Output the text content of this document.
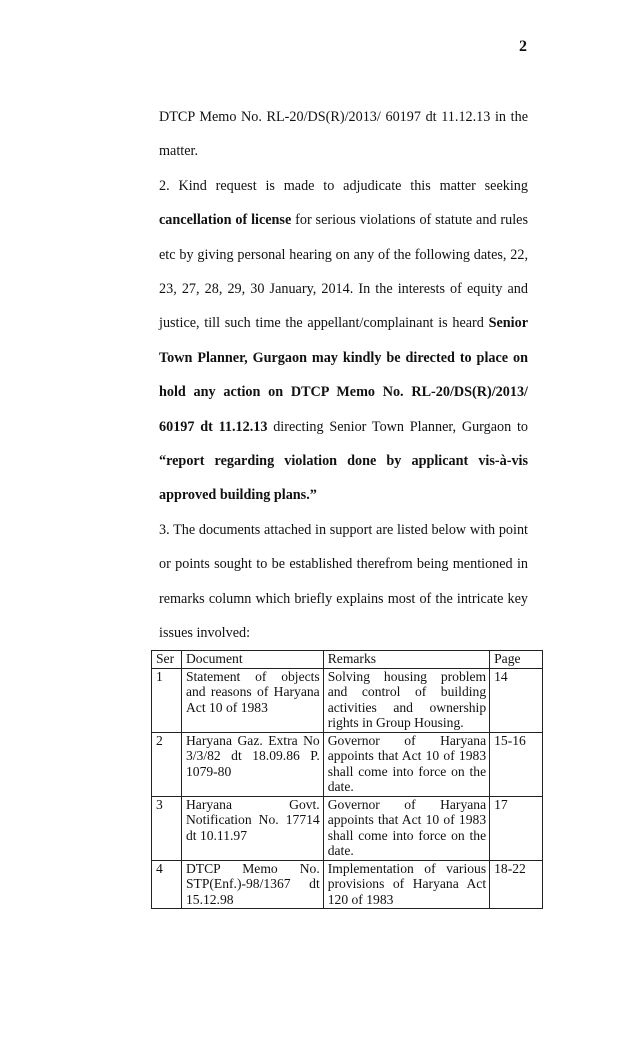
2

DTCP Memo No. RL-20/DS(R)/2013/ 60197 dt 11.12.13 in the matter.

2. Kind request is made to adjudicate this matter seeking cancellation of license for serious violations of statute and rules etc by giving personal hearing on any of the following dates, 22, 23, 27, 28, 29, 30 January, 2014. In the interests of equity and justice, till such time the appellant/complainant is heard Senior Town Planner, Gurgaon may kindly be directed to place on hold any action on DTCP Memo No. RL-20/DS(R)/2013/ 60197 dt 11.12.13 directing Senior Town Planner, Gurgaon to “report regarding violation done by applicant vis-à-vis approved building plans.”

3. The documents attached in support are listed below with point or points sought to be established therefrom being mentioned in remarks column which briefly explains most of the intricate key issues involved:

Ser	Document	Remarks	Page
1	Statement of objects and reasons of Haryana Act 10 of 1983	Solving housing problem and control of building activities and ownership rights in Group Housing.	14
2	Haryana Gaz. Extra No 3/3/82 dt 18.09.86 P. 1079-80	Governor of Haryana appoints that Act 10 of 1983 shall come into force on the date.	15-16
3	Haryana Govt. Notification No. 17714 dt 10.11.97	Governor of Haryana appoints that Act 10 of 1983 shall come into force on the date.	17
4	DTCP Memo No. STP(Enf.)-98/1367 dt 15.12.98	Implementation of various provisions of Haryana Act 120 of 1983	18-22
